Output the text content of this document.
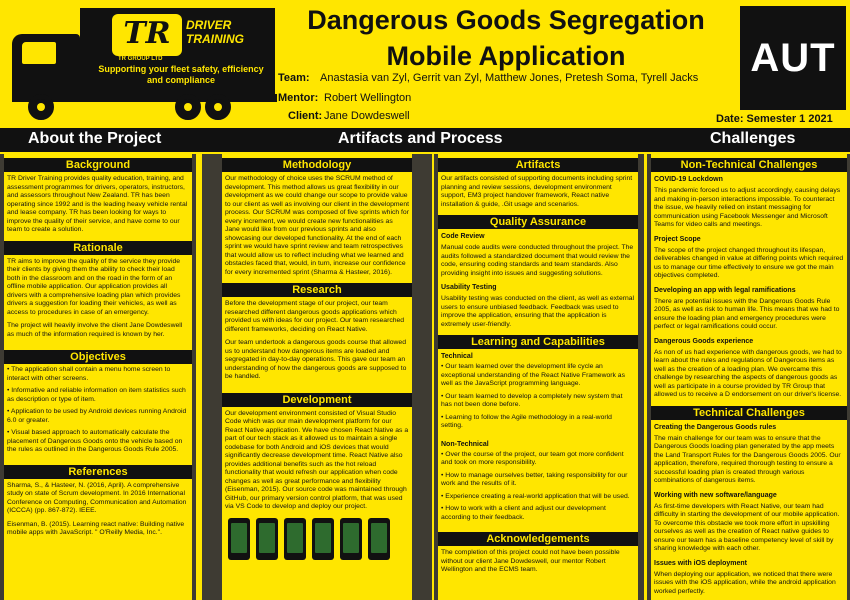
TR
TR GROUP LTD
DRIVER
TRAINING
Supporting your fleet safety, efficiency and compliance
Dangerous Goods Segregation
Mobile Application
Team: Anastasia van Zyl, Gerrit van Zyl, Matthew Jones, Pretesh Soma, Tyrell Jacks
Mentor: Robert Wellington
Client: Jane Dowdeswell
AUT
Date: Semester 1 2021
About the Project	Artifacts and Process	Challenges
Background
TR Driver Training provides quality education, training, and assessment programmes for drivers, operators, instructors, and assessors throughout New Zealand. TR has been operating since 1992 and is the leading heavy vehicle rental and lease company. TR has been looking for ways to improve the quality of their service, and have come to our team to create a solution.
Rationale

TR aims to improve the quality of the service they provide their clients by giving them the ability to check their load both in the classroom and on the road in the form of an offline mobile application. Our application provides all drivers with a comprehensive loading plan which provides drivers a suggestion for loading their vehicles, as well as access to procedures in case of an emergency.

The project will heavily involve the client Jane Dowdeswell as much of the information required is known by her.

Objectives
• The application shall contain a menu home screen to interact with other screens.
• Informative and reliable information on item statistics such as description or type of item.
• Application to be used by Android devices running Android 6.0 or greater.
• Visual based approach to automatically calculate the placement of Dangerous Goods onto the vehicle based on the rules as outlined in the Dangerous Goods Rule 2005.
References

Sharma, S., & Hasteer, N. (2016, April). A comprehensive study on state of Scrum development. In 2016 International Conference on Computing, Communication and Automation (ICCCA) (pp. 867-872). IEEE.

Eisenman, B. (2015). Learning react native: Building native mobile apps with JavaScript. " O'Reilly Media, Inc.".

Methodology
Our methodology of choice uses the SCRUM method of development. This method allows us great flexibility in our development as we could change our scope to provide value to our client as well as involving our client in the development process. Our SCRUM was composed of five sprints which for every increment, we would create new functionalities as Jane would like from our previous sprints and also showcasing our developed functionality. At the end of each sprint we would have sprint review and team retrospectives that would allow us to reflect including what we learned and obstacles faced that, would, in turn, increase our confidence for every incremented sprint (Sharma & Hasteer, 2016).
Research

Before the development stage of our project, our team researched different dangerous goods applications which provided us with ideas for our project. Our team researched different frameworks, deciding on React Native.

Our team undertook a dangerous goods course that allowed us to understand how dangerous items are loaded and segregated in day-to-day operations. This gave our team an understanding of how the dangerous goods are supposed to be handled.

Development
Our development environment consisted of Visual Studio Code which was our main development platform for our React Native application. We have chosen React Native as a part of our tech stack as it allowed us to maintain a single codebase for both Android and iOS devices that would significantly decrease development time. React Native also provides additional benefits such as the hot reload functionality that would refresh our application when code changes as well as great performance and flexibility (Eisenman, 2015). Our source code was maintained through GitHub, our primary version control platform, that was used via VS Code to develop and deploy our project.
Artifacts
Our artifacts consisted of supporting documents including sprint planning and review sessions, development environment support, EM3 project handover framework, React native installation & guide, .Git usage and scenarios.
Quality Assurance
Code Review
Manual code audits were conducted throughout the project. The audits followed a standardized document that would review the code, ensuring coding standards and team standards. Also providing insight into issues and suggesting solutions.
Usability Testing
Usability testing was conducted on the client, as well as external users to ensure unbiased feedback. Feedback was used to improve the application, ensuring that the application is extremely user-friendly.
Learning and Capabilities
Technical
• Our team learned over the development life cycle an exceptional understanding of the React Native Framework as well as the JavaScript programming language.
• Our team learned to develop a completely new system that has not been done before.
• Learning to follow the Agile methodology in a real-world setting.
Non-Technical
• Over the course of the project, our team got more confident and took on more responsibility.
• How to manage ourselves better, taking responsibility for our work and the results of it.
• Experience creating a real-world application that will be used.
• How to work with a client and adjust our development according to their feedback.
Acknowledgements
The completion of this project could not have been possible without our client Jane Dowdeswell, our mentor Robert Wellington and the ECMS team.
Non-Technical Challenges
COVID-19 Lockdown
This pandemic forced us to adjust accordingly, causing delays and making in-person interactions impossible. To counteract the issue, we heavily relied on instant messaging for communication using Facebook Messenger and Microsoft Teams for video calls and meetings.
Project Scope
The scope of the project changed throughout its lifespan, deliverables changed in value at differing points which required us to manage our time effectively to ensure we got the main objectives completed.
Developing an app with legal ramifications
There are potential issues with the Dangerous Goods Rule 2005, as well as risk to human life. This means that we had to ensure the loading plan and emergency procedures were perfect or legal ramifications could occur.
Dangerous Goods experience
As non of us had experience with dangerous goods, we had to learn about the rules and regulations of Dangerous items as well as the creation of a loading plan. We overcame this challenge by researching the aspects of dangerous goods as well as participate in a course provided by TR Group that allowed us to receive a D endorsement on our driver's license.
Technical Challenges
Creating the Dangerous Goods rules
The main challenge for our team was to ensure that the Dangerous Goods loading plan generated by the app meets the Land Transport Rules for the Dangerous Goods 2005. Our application, therefore, required thorough testing to ensure a successful loading plan is created through various combinations of dangerous items.
Working with new software/language
As first-time developers with React Native, our team had difficulty in starting the development of our mobile application. To overcome this obstacle we took more effort in upskilling ourselves as well as the creation of React native guides to ensure our team has a baseline competency level of skill by sharing knowledge with each other.
Issues with iOS deployment
When deploying our application, we noticed that there were issues with the iOS application, while the android application worked perfectly.
